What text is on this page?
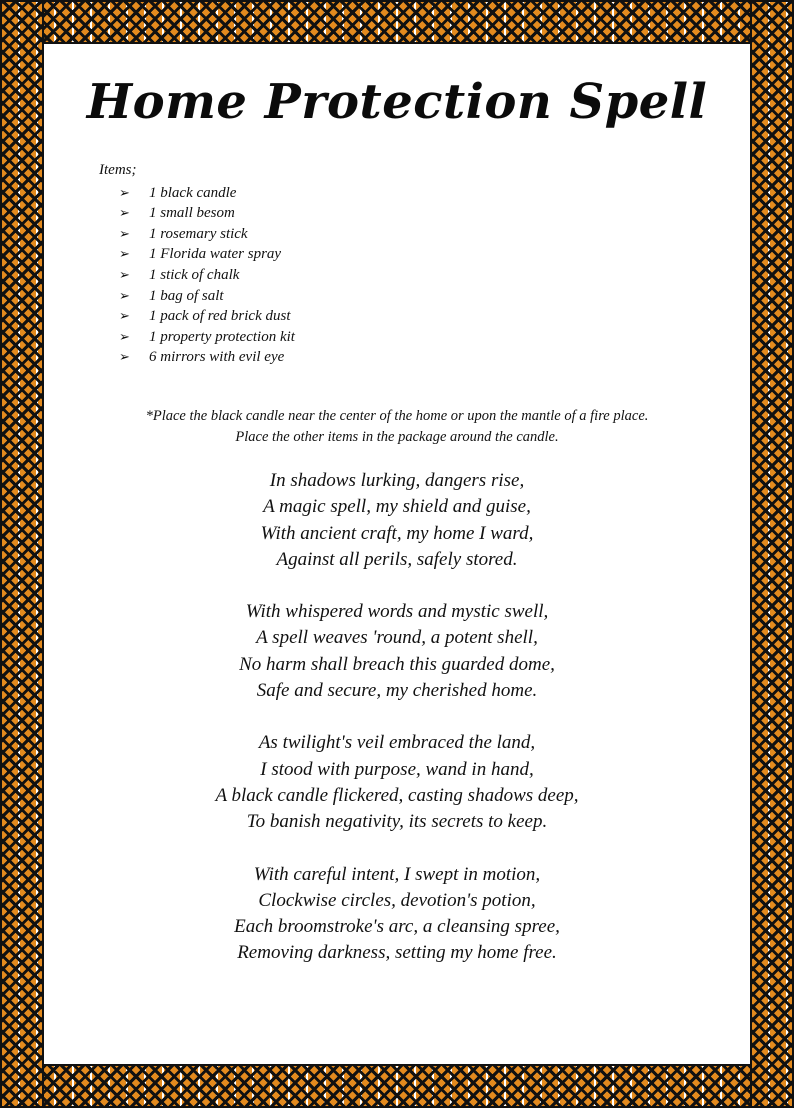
Home Protection Spell
Items;
➢ 1 black candle
➢ 1 small besom
➢ 1 rosemary stick
➢ 1 Florida water spray
➢ 1 stick of chalk
➢ 1 bag of salt
➢ 1 pack of red brick dust
➢ 1 property protection kit
➢ 6 mirrors with evil eye
*Place the black candle near the center of the home or upon the mantle of a fire place.
Place the other items in the package around the candle.
In shadows lurking, dangers rise,
A magic spell, my shield and guise,
With ancient craft, my home I ward,
Against all perils, safely stored.
With whispered words and mystic swell,
A spell weaves 'round, a potent shell,
No harm shall breach this guarded dome,
Safe and secure, my cherished home.
As twilight's veil embraced the land,
I stood with purpose, wand in hand,
A black candle flickered, casting shadows deep,
To banish negativity, its secrets to keep.
With careful intent, I swept in motion,
Clockwise circles, devotion's potion,
Each broomstroke's arc, a cleansing spree,
Removing darkness, setting my home free.
